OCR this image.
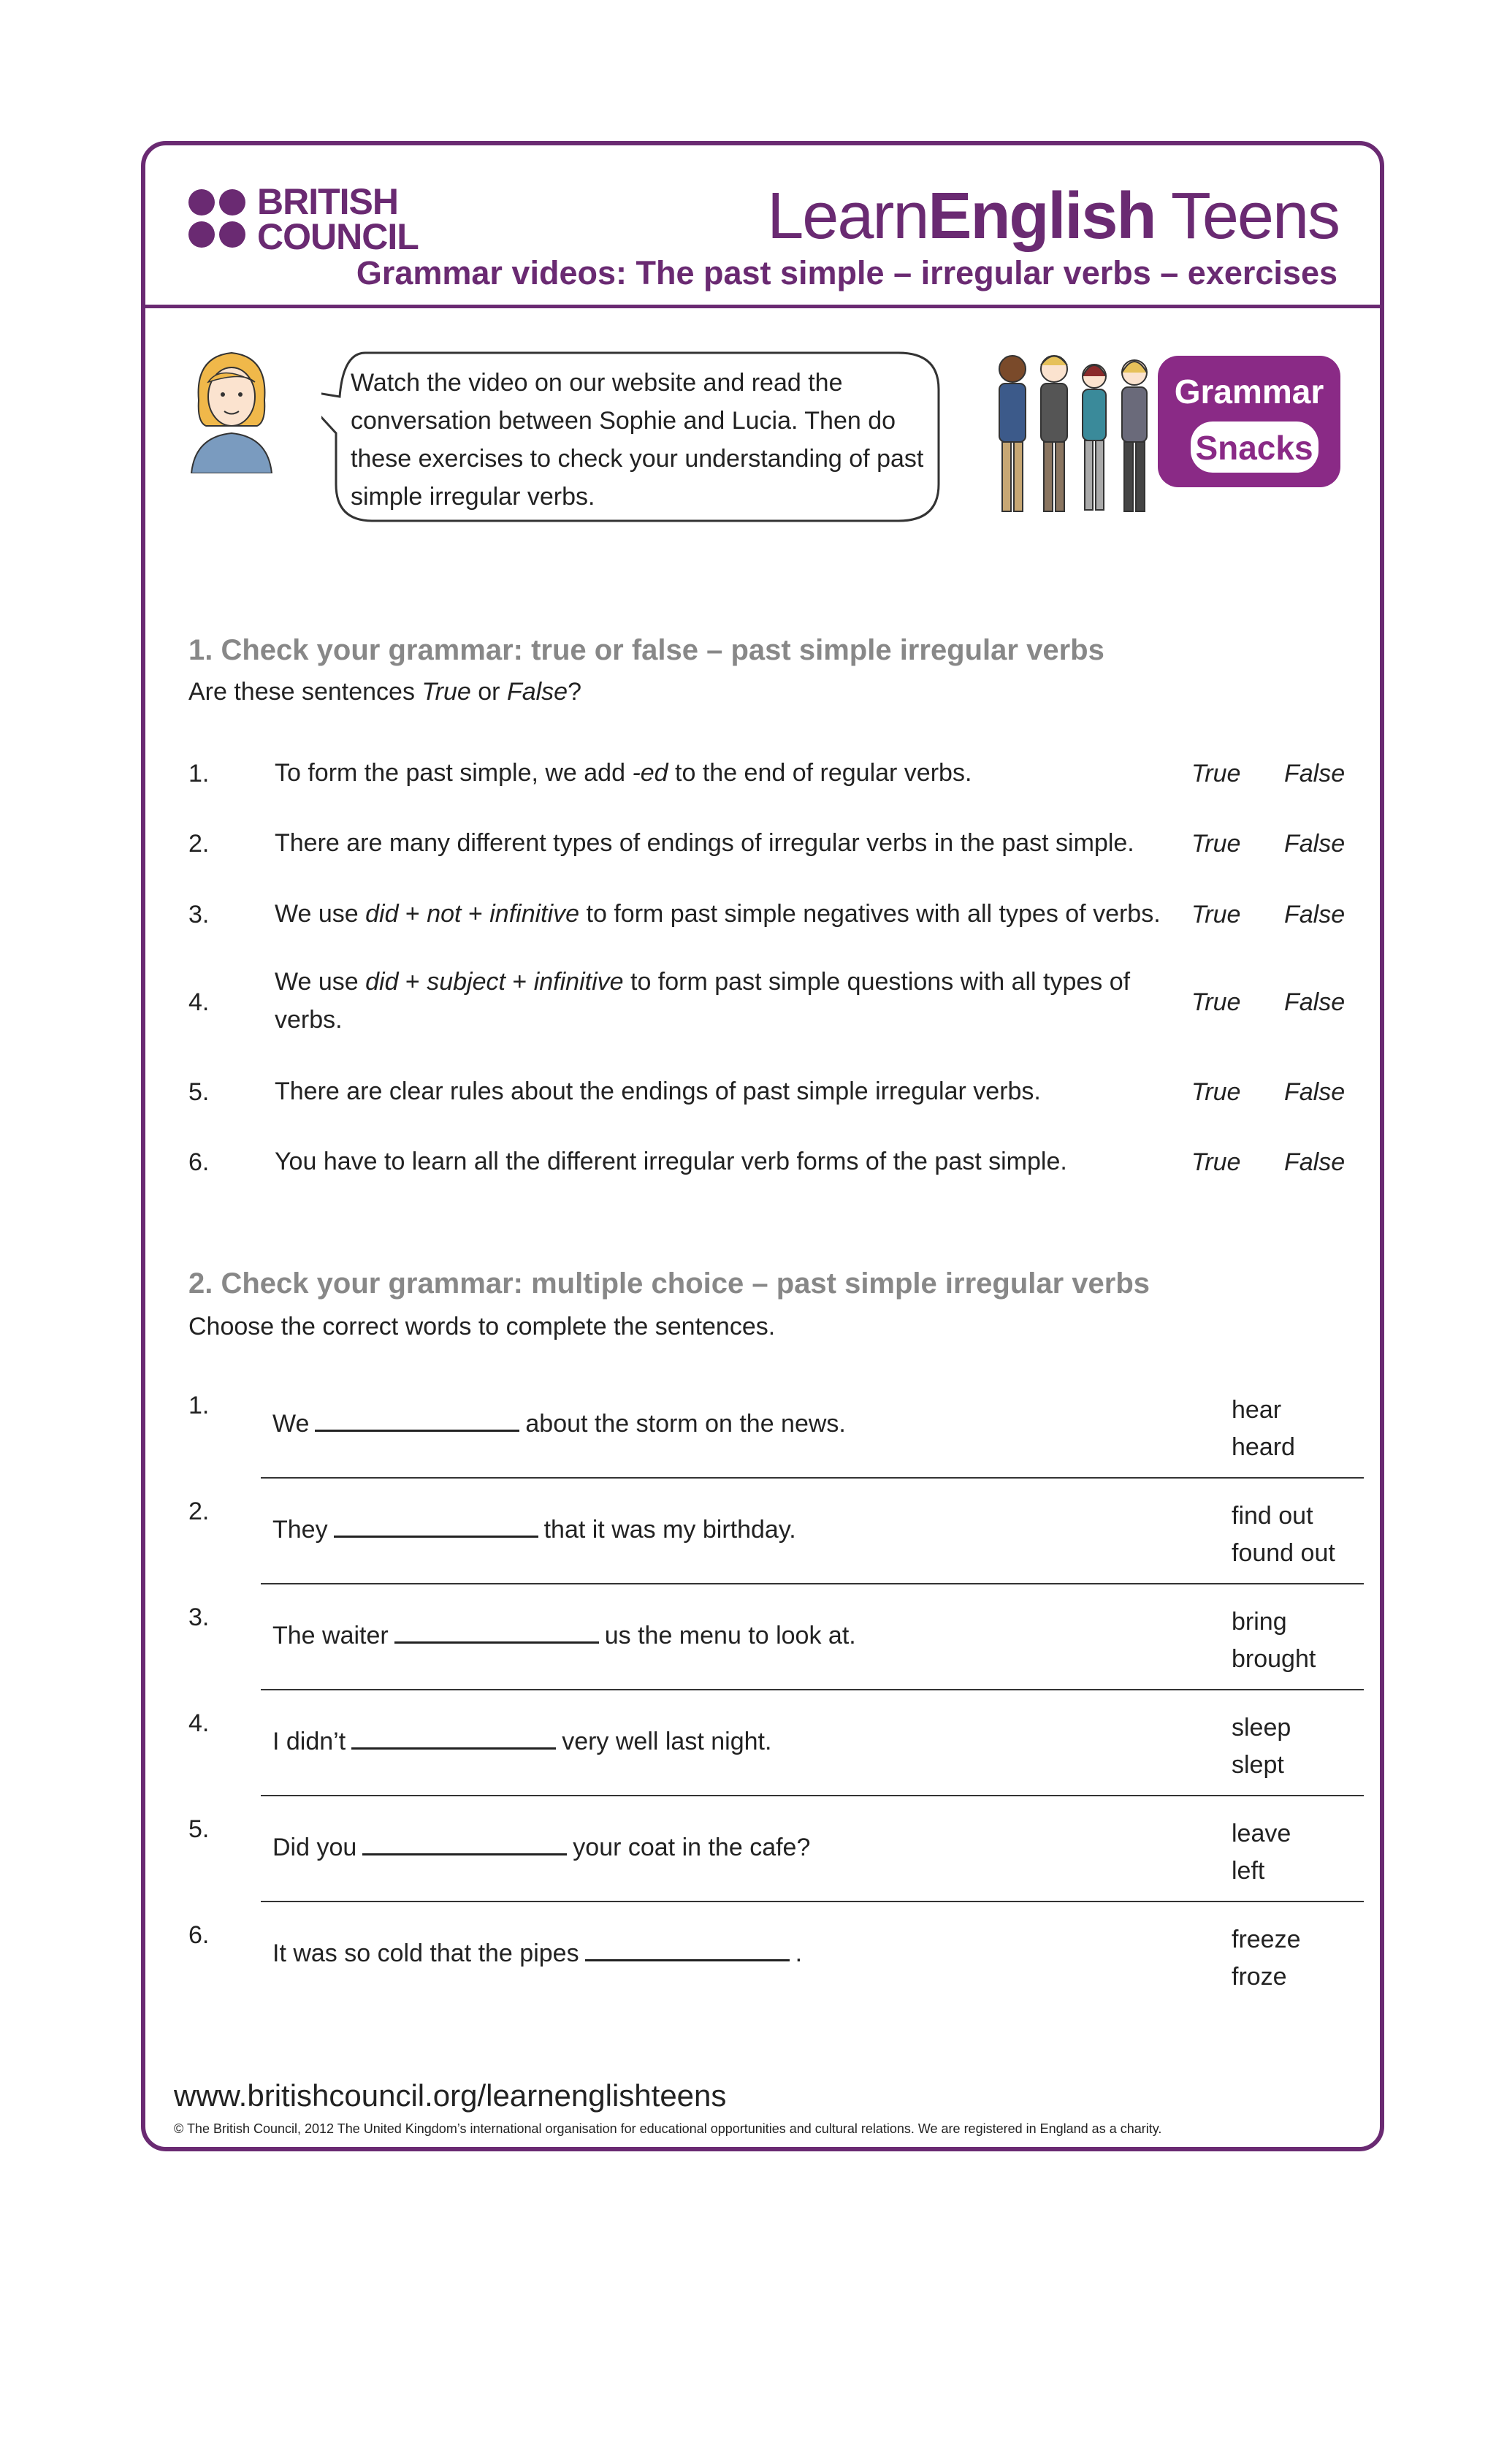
BRITISH
COUNCIL	LearnEnglish Teens
Grammar videos: The past simple – irregular verbs – exercises
Watch the video on our website and read the conversation between Sophie and Lucia. Then do these exercises to check your understanding of past simple irregular verbs.
Grammar
Snacks
1. Check your grammar: true or false – past simple irregular verbs
Are these sentences True or False?
1.	To form the past simple, we add -ed to the end of regular verbs.	True False
2.	There are many different types of endings of irregular verbs in the past simple.	True False
3.	We use did + not + infinitive to form past simple negatives with all types of verbs.	True False
4.
We use did + subject + infinitive to form past simple questions with all types of verbs.
True False
5.	There are clear rules about the endings of past simple irregular verbs.	True False
6.	You have to learn all the different irregular verb forms of the past simple.	True False
2. Check your grammar: multiple choice – past simple irregular verbs
Choose the correct words to complete the sentences.
1.
We	about the storm on the news.	hear
heard
2.
They	that it was my birthday.	find out
found out
3.
The waiter	us the menu to look at.	bring
brought
4.
I didn’t	very well last night.	sleep
slept
5.
Did you	your coat in the cafe?	leave
left
6.
It was so cold that the pipes	.	freeze
froze
www.britishcouncil.org/learnenglishteens
© The British Council, 2012 The United Kingdom’s international organisation for educational opportunities and cultural relations. We are registered in England as a charity.
